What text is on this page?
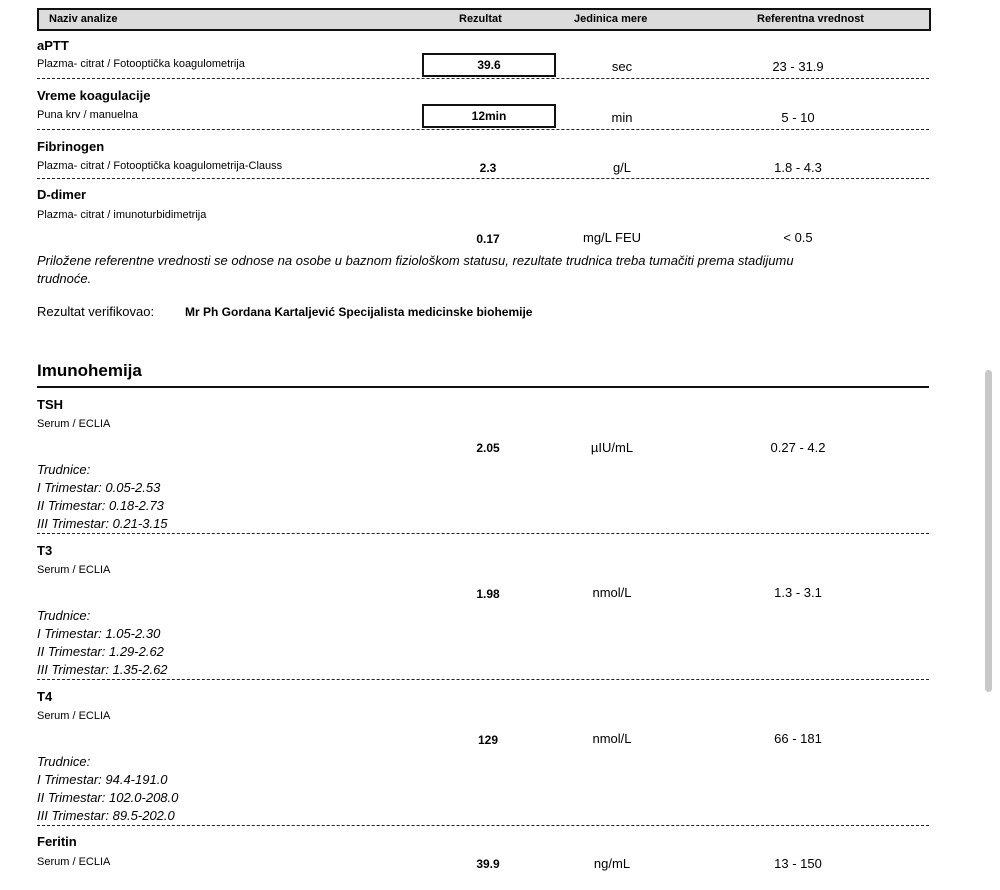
Naziv analize	Rezultat	Jedinica mere	Referentna vrednost
aPTT
Plazma- citrat / Fotooptička koagulometrija	39.6	sec	23 - 31.9
Vreme koagulacije
Puna krv / manuelna	12min	min	5 - 10
Fibrinogen
Plazma- citrat / Fotooptička koagulometrija-Clauss	2.3	g/L	1.8 - 4.3
D-dimer
Plazma- citrat / imunoturbidimetrija
0.17	mg/L FEU	< 0.5
Priložene referentne vrednosti se odnose na osobe u baznom fiziološkom statusu, rezultate trudnica treba tumačiti prema stadijumu
trudnoće.
Rezultat verifikovao:	Mr Ph Gordana Kartaljević Specijalista medicinske biohemije
Imunohemija
TSH
Serum / ECLIA
2.05	µIU/mL	0.27 - 4.2
Trudnice:
I Trimestar: 0.05-2.53
II Trimestar: 0.18-2.73
III Trimestar: 0.21-3.15
T3
Serum / ECLIA
1.98	nmol/L	1.3 - 3.1
Trudnice:
I Trimestar: 1.05-2.30
II Trimestar: 1.29-2.62
III Trimestar: 1.35-2.62
T4
Serum / ECLIA
129	nmol/L	66 - 181
Trudnice:
I Trimestar: 94.4-191.0
II Trimestar: 102.0-208.0
III Trimestar: 89.5-202.0
Feritin
Serum / ECLIA	39.9	ng/mL	13 - 150
